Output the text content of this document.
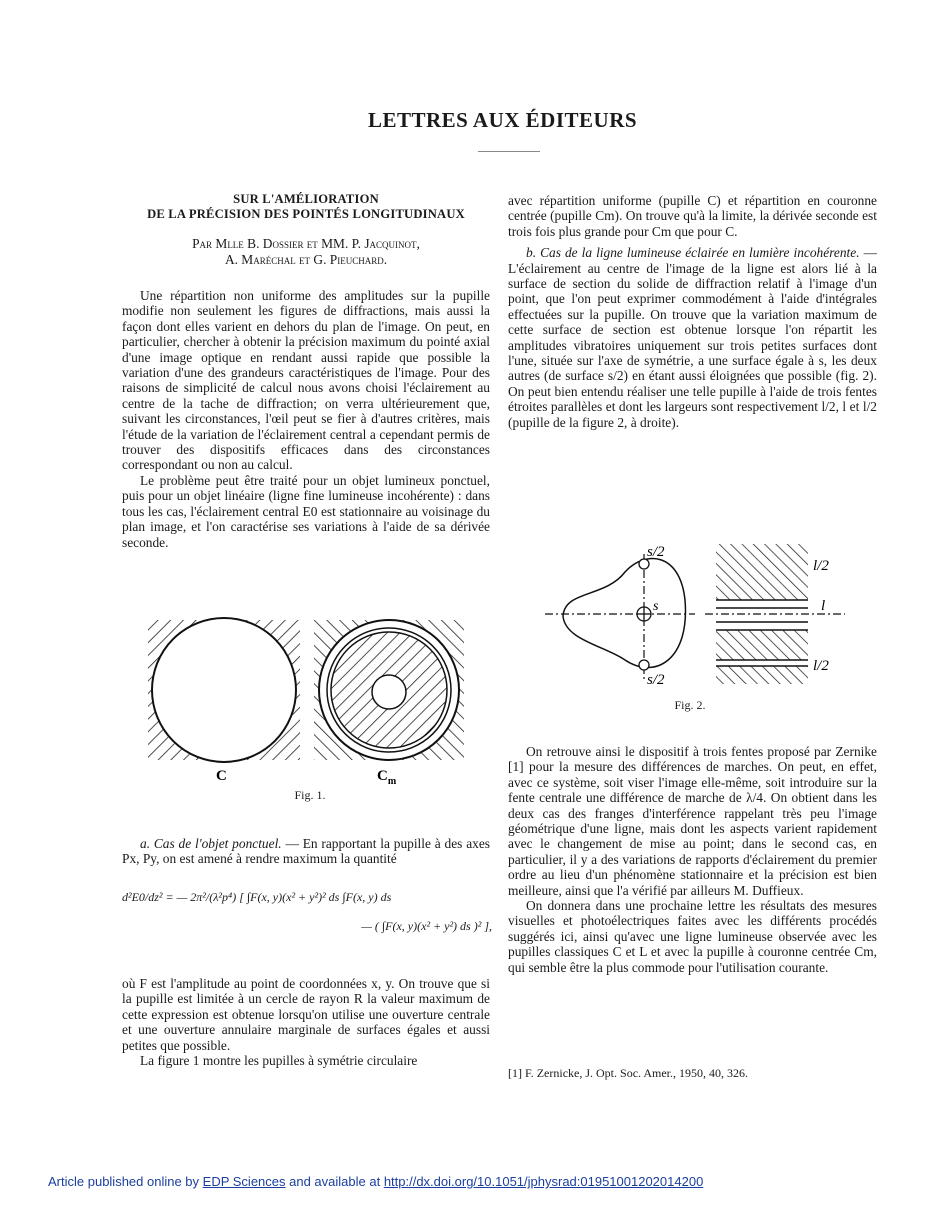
LETTRES AUX ÉDITEURS
SUR L'AMÉLIORATION
DE LA PRÉCISION DES POINTÉS LONGITUDINAUX
Par Mlle B. Dossier et MM. P. Jacquinot,
A. Maréchal et G. Pieuchard.

Une répartition non uniforme des amplitudes sur la pupille modifie non seulement les figures de diffractions, mais aussi la façon dont elles varient en dehors du plan de l'image. On peut, en particulier, chercher à obtenir la précision maximum du pointé axial d'une image optique en rendant aussi rapide que possible la variation d'une des grandeurs caractéristiques de l'image. Pour des raisons de simplicité de calcul nous avons choisi l'éclairement au centre de la tache de diffraction; on verra ultérieurement que, suivant les circonstances, l'œil peut se fier à d'autres critères, mais l'étude de la variation de l'éclairement central a cependant permis de trouver des dispositifs efficaces dans des circonstances correspondant ou non au calcul.

Le problème peut être traité pour un objet lumineux ponctuel, puis pour un objet linéaire (ligne fine lumineuse incohérente) : dans tous les cas, l'éclairement central E0 est stationnaire au voisinage du plan image, et l'on caractérise ses variations à l'aide de sa dérivée seconde.

C	$C_m$
Fig. 1.

a. Cas de l'objet ponctuel. — En rapportant la pupille à des axes Px, Py, on est amené à rendre maximum la quantité

d²E0/dz² = — 2π²/(λ²p⁴) [ ∫F(x, y)(x² + y²)² ds ∫F(x, y) ds
— ( ∫F(x, y)(x² + y²) ds )² ],

où F est l'amplitude au point de coordonnées x, y. On trouve que si la pupille est limitée à un cercle de rayon R la valeur maximum de cette expression est obtenue lorsqu'on utilise une ouverture centrale et une ouverture annulaire marginale de surfaces égales et aussi petites que possible.

La figure 1 montre les pupilles à symétrie circulaire

avec répartition uniforme (pupille C) et répartition en couronne centrée (pupille Cm). On trouve qu'à la limite, la dérivée seconde est trois fois plus grande pour Cm que pour C.

b. Cas de la ligne lumineuse éclairée en lumière incohérente. — L'éclairement au centre de l'image de la ligne est alors lié à la surface de section du solide de diffraction relatif à l'image d'un point, que l'on peut exprimer commodément à l'aide d'intégrales effectuées sur la pupille. On trouve que la variation maximum de cette surface de section est obtenue lorsque l'on répartit les amplitudes vibratoires uniquement sur trois petites surfaces dont l'une, située sur l'axe de symétrie, a une surface égale à s, les deux autres (de surface s/2) en étant aussi éloignées que possible (fig. 2). On peut bien entendu réaliser une telle pupille à l'aide de trois fentes étroites parallèles et dont les largeurs sont respectivement l/2, l et l/2 (pupille de la figure 2, à droite).

s/2
s
s/2
l/2
l
l/2
Fig. 2.

On retrouve ainsi le dispositif à trois fentes proposé par Zernike [1] pour la mesure des différences de marches. On peut, en effet, avec ce système, soit viser l'image elle-même, soit introduire sur la fente centrale une différence de marche de λ/4. On obtient dans les deux cas des franges d'interférence rappelant très peu l'image géométrique d'une ligne, mais dont les aspects varient rapidement avec le changement de mise au point; dans le second cas, en particulier, il y a des variations de rapports d'éclairement du premier ordre au lieu d'un phénomène stationnaire et la précision est bien meilleure, ainsi que l'a vérifié par ailleurs M. Duffieux.

On donnera dans une prochaine lettre les résultats des mesures visuelles et photoélectriques faites avec les différents procédés suggérés ici, ainsi qu'avec une ligne lumineuse observée avec les pupilles classiques C et L et avec la pupille à couronne centrée Cm, qui semble être la plus commode pour l'utilisation courante.

[1] F. Zernicke, J. Opt. Soc. Amer., 1950, 40, 326.
Article published online by EDP Sciences and available at http://dx.doi.org/10.1051/jphysrad:01951001202014200
